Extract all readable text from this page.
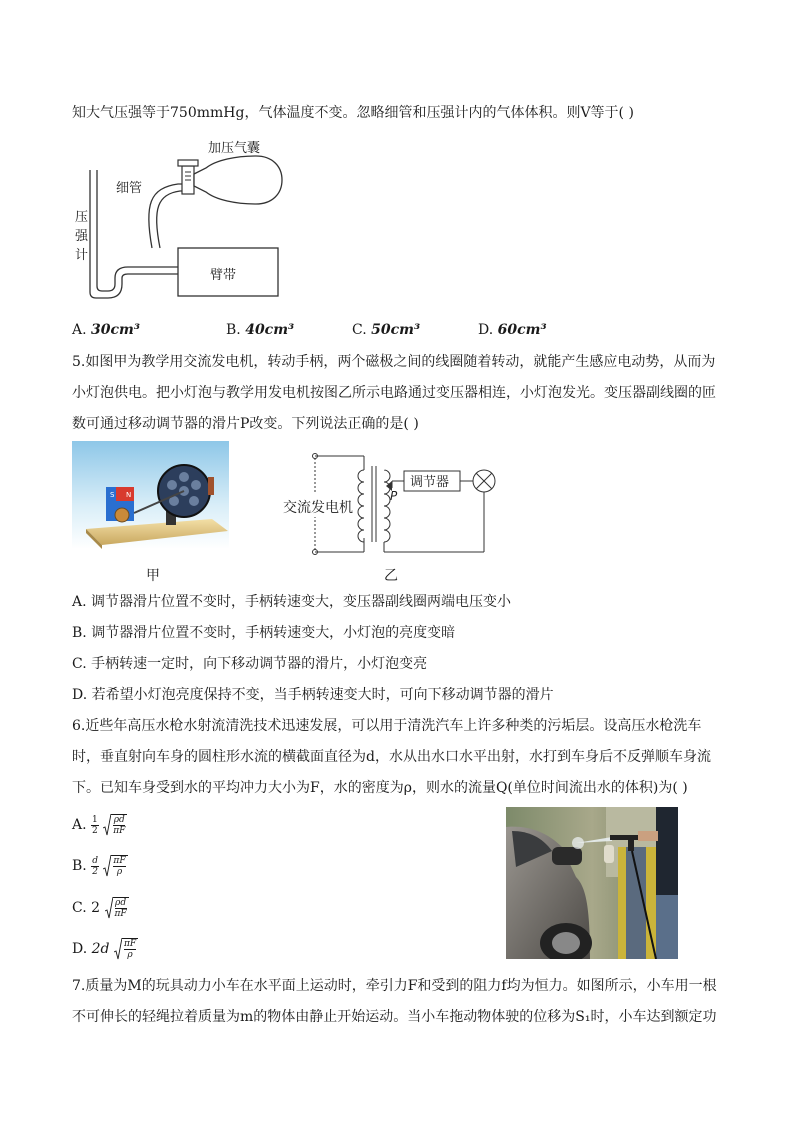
知大气压强等于750mmHg，气体温度不变。忽略细管和压强计内的气体体积。则V等于( )
加压气囊
细管
臂带
压强计
A. 30cm³	B. 40cm³	C. 50cm³	D. 60cm³
5.如图甲为教学用交流发电机，转动手柄，两个磁极之间的线圈随着转动，就能产生感应电动势，从而为
小灯泡供电。把小灯泡与教学用发电机按图乙所示电路通过变压器相连，小灯泡发光。变压器副线圈的匝
数可通过移动调节器的滑片P改变。下列说法正确的是( )
S N
甲
P
调节器
交流发电机
乙
A. 调节器滑片位置不变时，手柄转速变大，变压器副线圈两端电压变小
B. 调节器滑片位置不变时，手柄转速变大，小灯泡的亮度变暗
C. 手柄转速一定时，向下移动调节器的滑片，小灯泡变亮
D. 若希望小灯泡亮度保持不变，当手柄转速变大时，可向下移动调节器的滑片
6.近些年高压水枪水射流清洗技术迅速发展，可以用于清洗汽车上许多种类的污垢层。设高压水枪洗车
时，垂直射向车身的圆柱形水流的横截面直径为d，水从出水口水平出射，水打到车身后不反弹顺车身流
下。已知车身受到水的平均冲力大小为F，水的密度为ρ，则水的流量Q(单位时间流出水的体积)为( )
A. $\frac{1}{2}$
$\frac{\rho d}{\pi F}$
B. $\frac{d}{2}$
$\frac{\pi F}{\rho}$
C. $2 \frac{\rho d}{\pi F}$
D. $2d \frac{\pi F}{\rho}$
7.质量为M的玩具动力小车在水平面上运动时，牵引力F和受到的阻力f均为恒力。如图所示，小车用一根
不可伸长的轻绳拉着质量为m的物体由静止开始运动。当小车拖动物体驶的位移为S₁时，小车达到额定功
